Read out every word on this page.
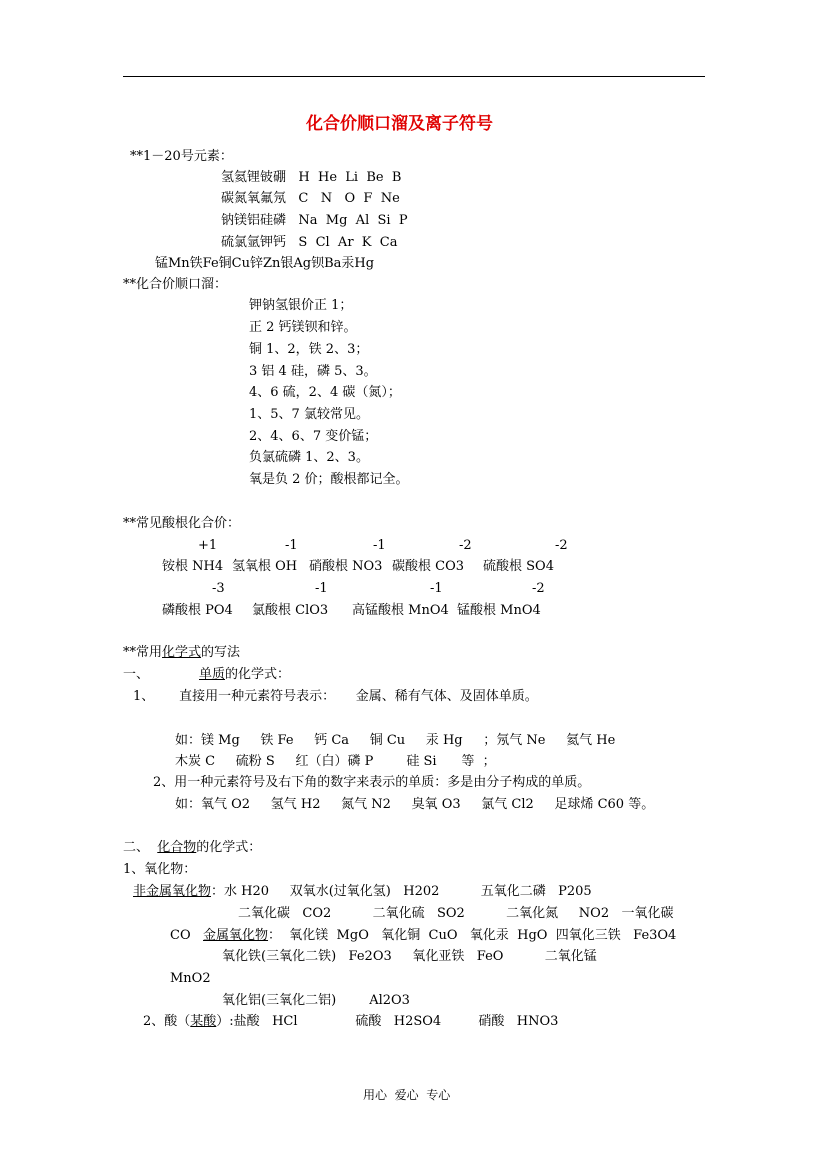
化合价顺口溜及离子符号
**1－20号元素：
氢氦锂铍硼   H  He  Li  Be  B
碳氮氧氟氖   C   N   O  F  Ne
钠镁铝硅磷   Na  Mg  Al  Si  P
硫氯氩钾钙   S  Cl  Ar  K  Ca
锰Mn铁Fe铜Cu锌Zn银Ag钡Ba汞Hg
**化合价顺口溜：
钾钠氢银价正 1；
正 2 钙镁钡和锌。
铜 1、2，铁 2、3；
3 铝 4 硅，磷 5、3。
4、6 硫，2、4 碳（氮）；
1、5、7 氯较常见。
2、4、6、7 变价锰；
负氯硫磷 1、2、3。
氧是负 2 价；酸根都记全。
**常见酸根化合价：
+1	-1	-1	-2	-2
铵根 NH4 氢氧根 OH 硝酸根 NO3 碳酸根 CO3 硫酸根 SO4
-3	-1	-1	-2
磷酸根 PO4 氯酸根 ClO3 高锰酸根 MnO4 锰酸根 MnO4
**常用化学式的写法
一、	单质的化学式：
1、      直接用一种元素符号表示：     金属、稀有气体、及固体单质。
如：镁 Mg     铁 Fe     钙 Ca     铜 Cu     汞 Hg     ；氖气 Ne     氦气 He
木炭 C     硫粉 S     红（白）磷 P        硅 Si      等  ；
2、用一种元素符号及右下角的数字来表示的单质：多是由分子构成的单质。
如：氧气 O2     氢气 H2     氮气 N2     臭氧 O3     氯气 Cl2     足球烯 C60 等。
二、  化合物的化学式：
1、氧化物：
非金属氧化物：水 H20     双氧水(过氧化氢)   H202          五氧化二磷   P205
二氧化碳   CO2          二氧化硫   SO2          二氧化氮     NO2   一氧化碳
CO   金属氧化物：  氧化镁  MgO   氧化铜  CuO   氧化汞  HgO  四氧化三铁   Fe3O4
氧化铁(三氧化二铁)   Fe2O3     氧化亚铁   FeO          二氧化锰
MnO2
氧化铝(三氧化二铝)        Al2O3
2、酸（某酸）:盐酸   HCl              硫酸   H2SO4         硝酸   HNO3
用心  爱心  专心
